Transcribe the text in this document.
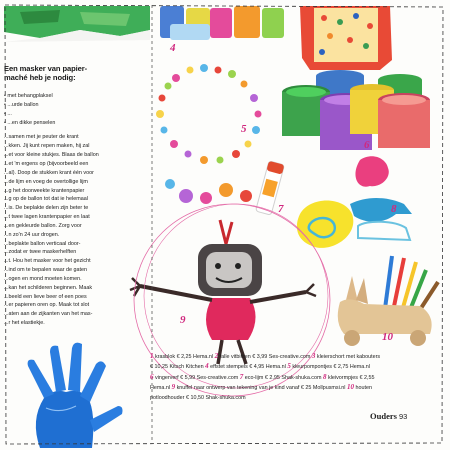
Een masker van papier-
maché heb je nodig:
• met behangplaksel
• ...urde ballon
• ...
• ...en dikke penselen
...samen met je peuter de krant
...kken. Jij kunt repen maken, hij zal
...et voor kleine stukjes. Blaas de ballon
...et 'm ergens op (bijvoorbeeld een
...al). Doop de stukken krant één voor
...de lijm en voeg de overtollige lijm
...g het doorweekte krantenpapier
...g op de ballon tot dat ie helemaal
...is. De beplakte delen zijn beter te
...t twee lagen krantenpapier en laat
...en gekleurde ballon. Zorg voor
...n zo'n 24 uur drogen.
...beplakte ballon verticaal door-
...zodat er twee maskerhelften
...t. Hou het masker voor het gezicht
...ind om te bepalen waar de gaten
...ogen en mond moeten komen.
...kan het schilderen beginnen. Maak
...beeld een lieve beer of een poes
...er papieren oren op. Maak tot slot
...aten aan de zijkanten van het mas-
...r het elastiekje.
4
5
6
7	8
9
10
1 krasblok € 2,25 Hema.nl 2 falle vitbiltten € 3,99 Ses-creative.com 3 kleierschort met kabouters
€ 10,25 Kitsch Kitchen 4 effstet stempels € 4,95 Hema.nl 5 kleurpompontjes € 2,75 Hema.nl
6 vingerverf € 5,99 Ses-creative.com 7 eco-lijm € 2,95 Shak-shuka.com 8 kleivormpjes € 2,55
Hema.nl 9 knuffel naar ontwerp van tekening van je kind vanaf € 25 Mollpusmsi.nl 10 houten
potloodhouder € 10,50 Shak-shuka.com
Ouders 93
